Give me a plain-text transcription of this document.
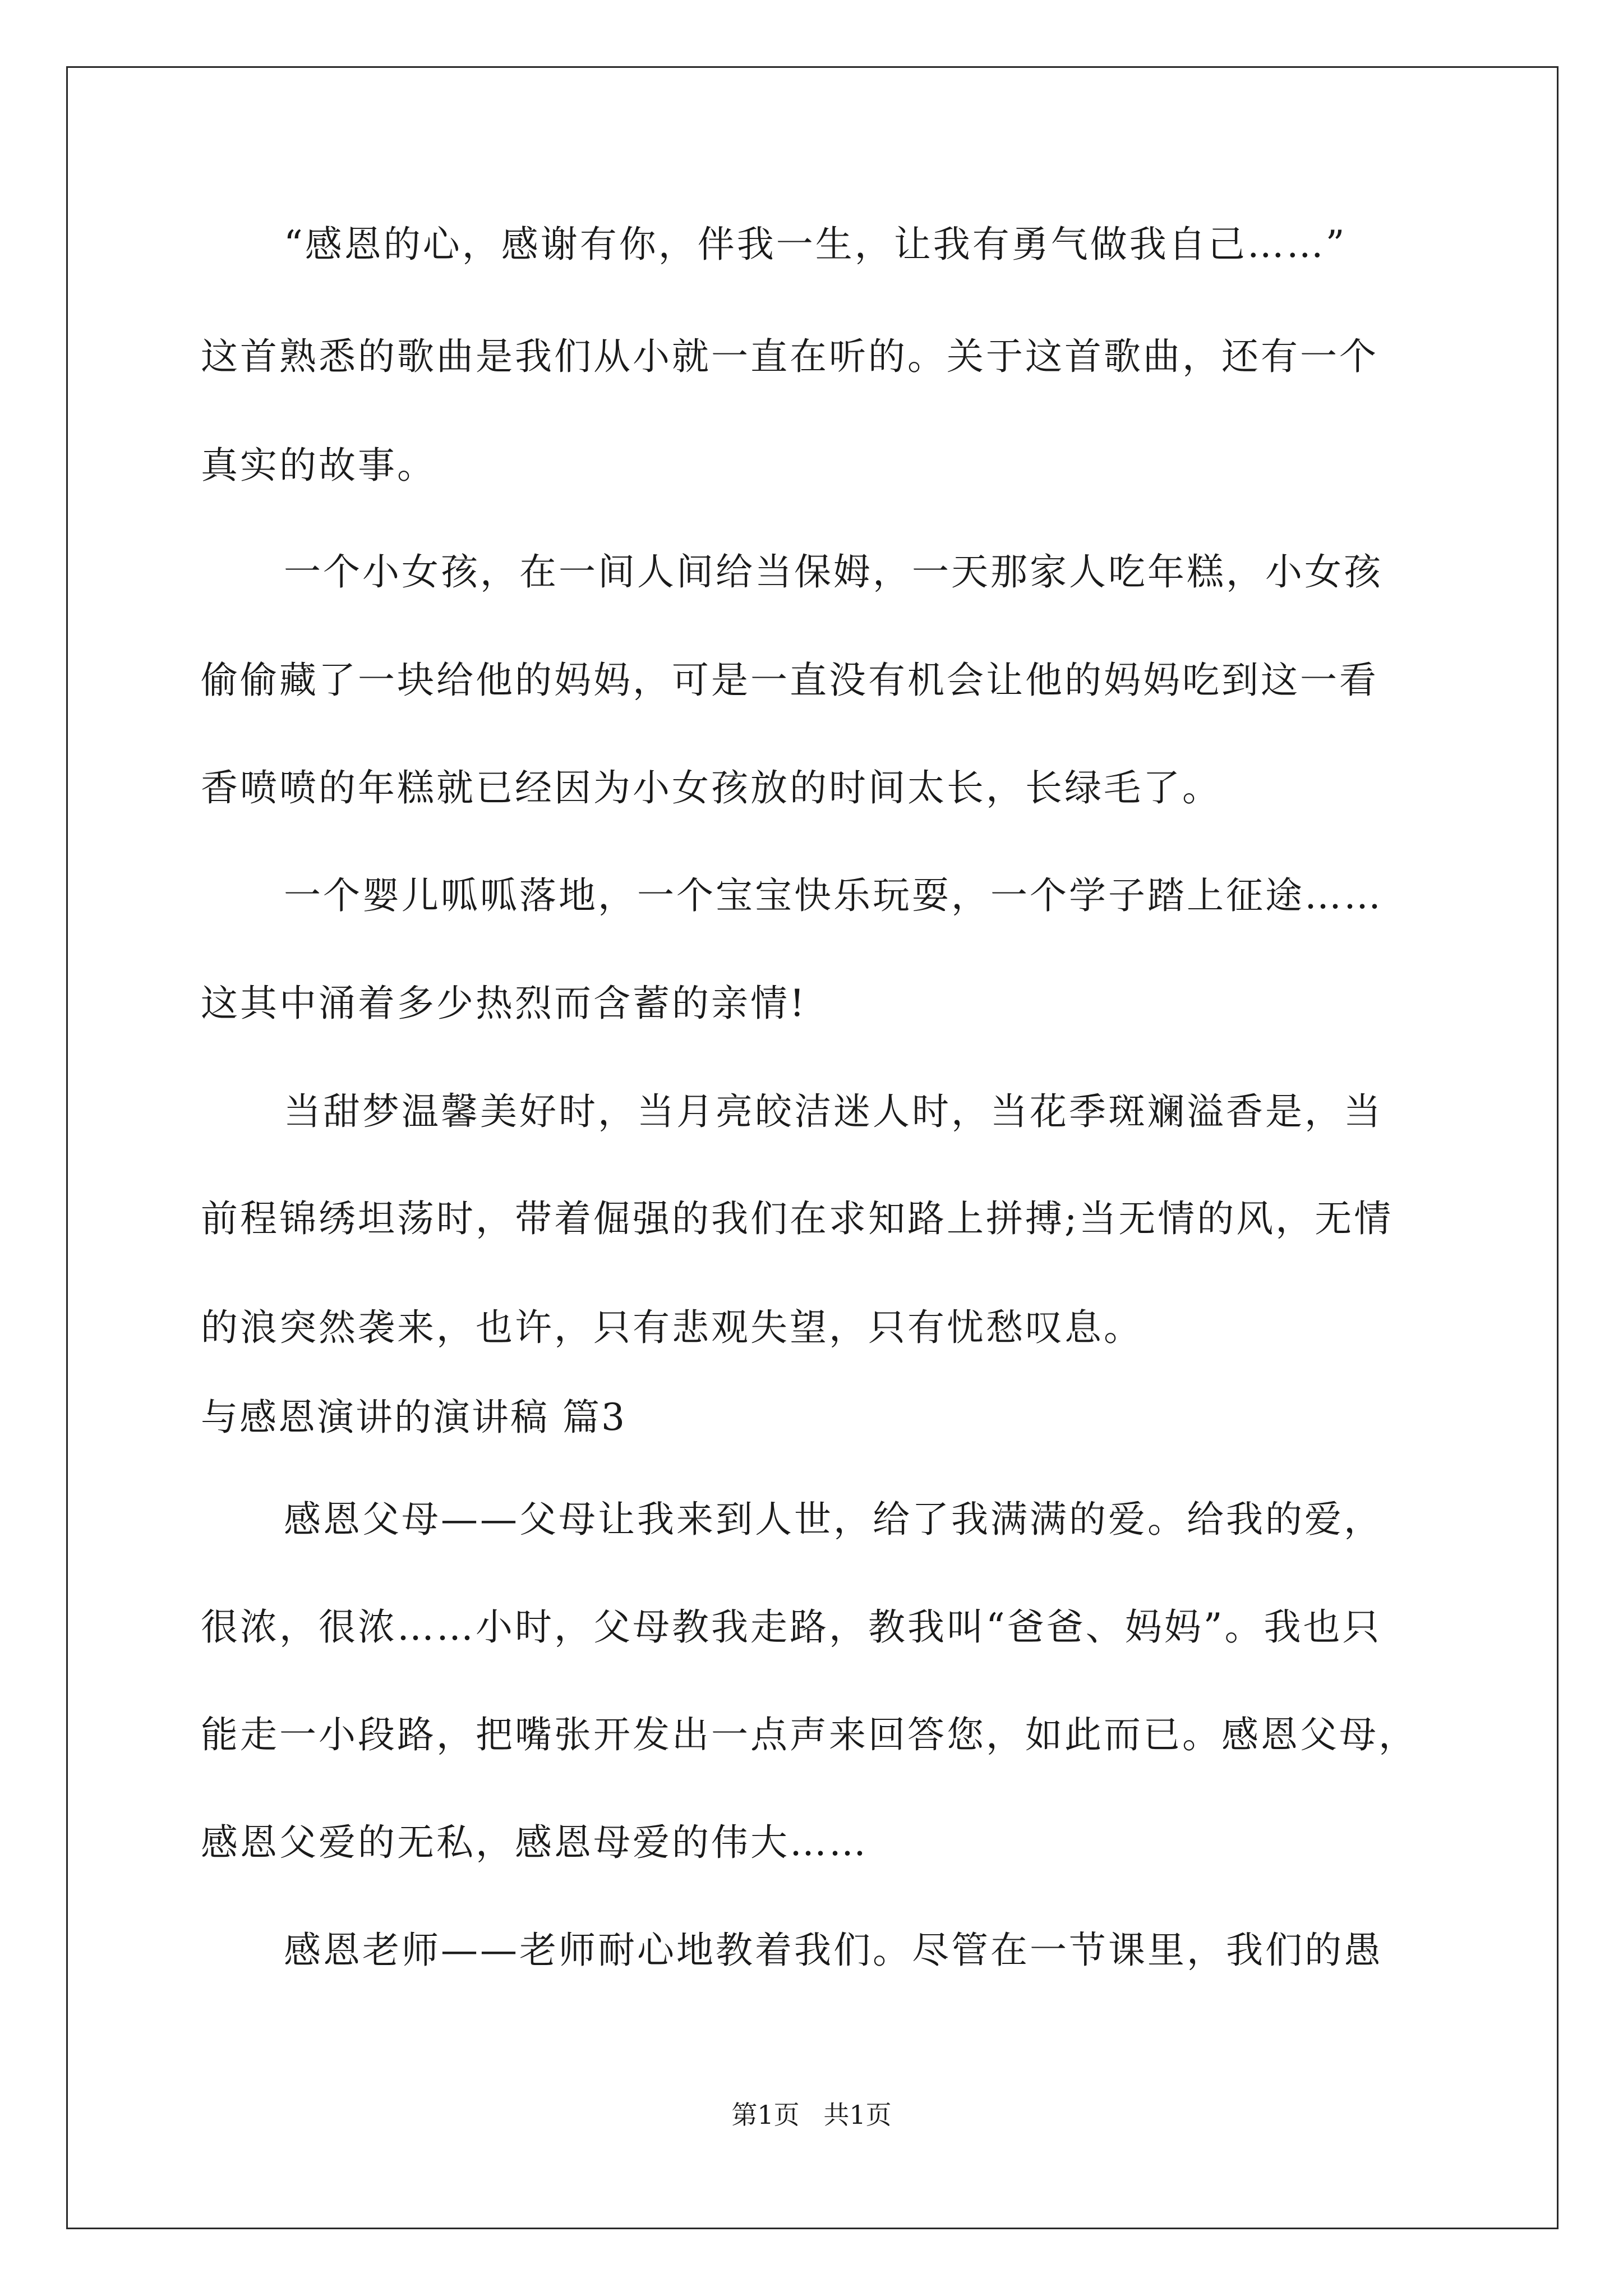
“感恩的心，感谢有你，伴我一生，让我有勇气做我自己……”
这首熟悉的歌曲是我们从小就一直在听的。关于这首歌曲，还有一个
真实的故事。
一个小女孩，在一间人间给当保姆，一天那家人吃年糕，小女孩
偷偷藏了一块给他的妈妈，可是一直没有机会让他的妈妈吃到这一看
香喷喷的年糕就已经因为小女孩放的时间太长，长绿毛了。
一个婴儿呱呱落地，一个宝宝快乐玩耍，一个学子踏上征途……
这其中涌着多少热烈而含蓄的亲情!
当甜梦温馨美好时，当月亮皎洁迷人时，当花季斑斓溢香是，当
前程锦绣坦荡时，带着倔强的我们在求知路上拼搏;当无情的风，无情
的浪突然袭来，也许，只有悲观失望，只有忧愁叹息。
与感恩演讲的演讲稿 篇3
感恩父母——父母让我来到人世，给了我满满的爱。给我的爱，
很浓，很浓……小时，父母教我走路，教我叫“爸爸、妈妈”。我也只
能走一小段路，把嘴张开发出一点声来回答您，如此而已。感恩父母，
感恩父爱的无私，感恩母爱的伟大……
感恩老师——老师耐心地教着我们。尽管在一节课里，我们的愚
第1页 共1页
